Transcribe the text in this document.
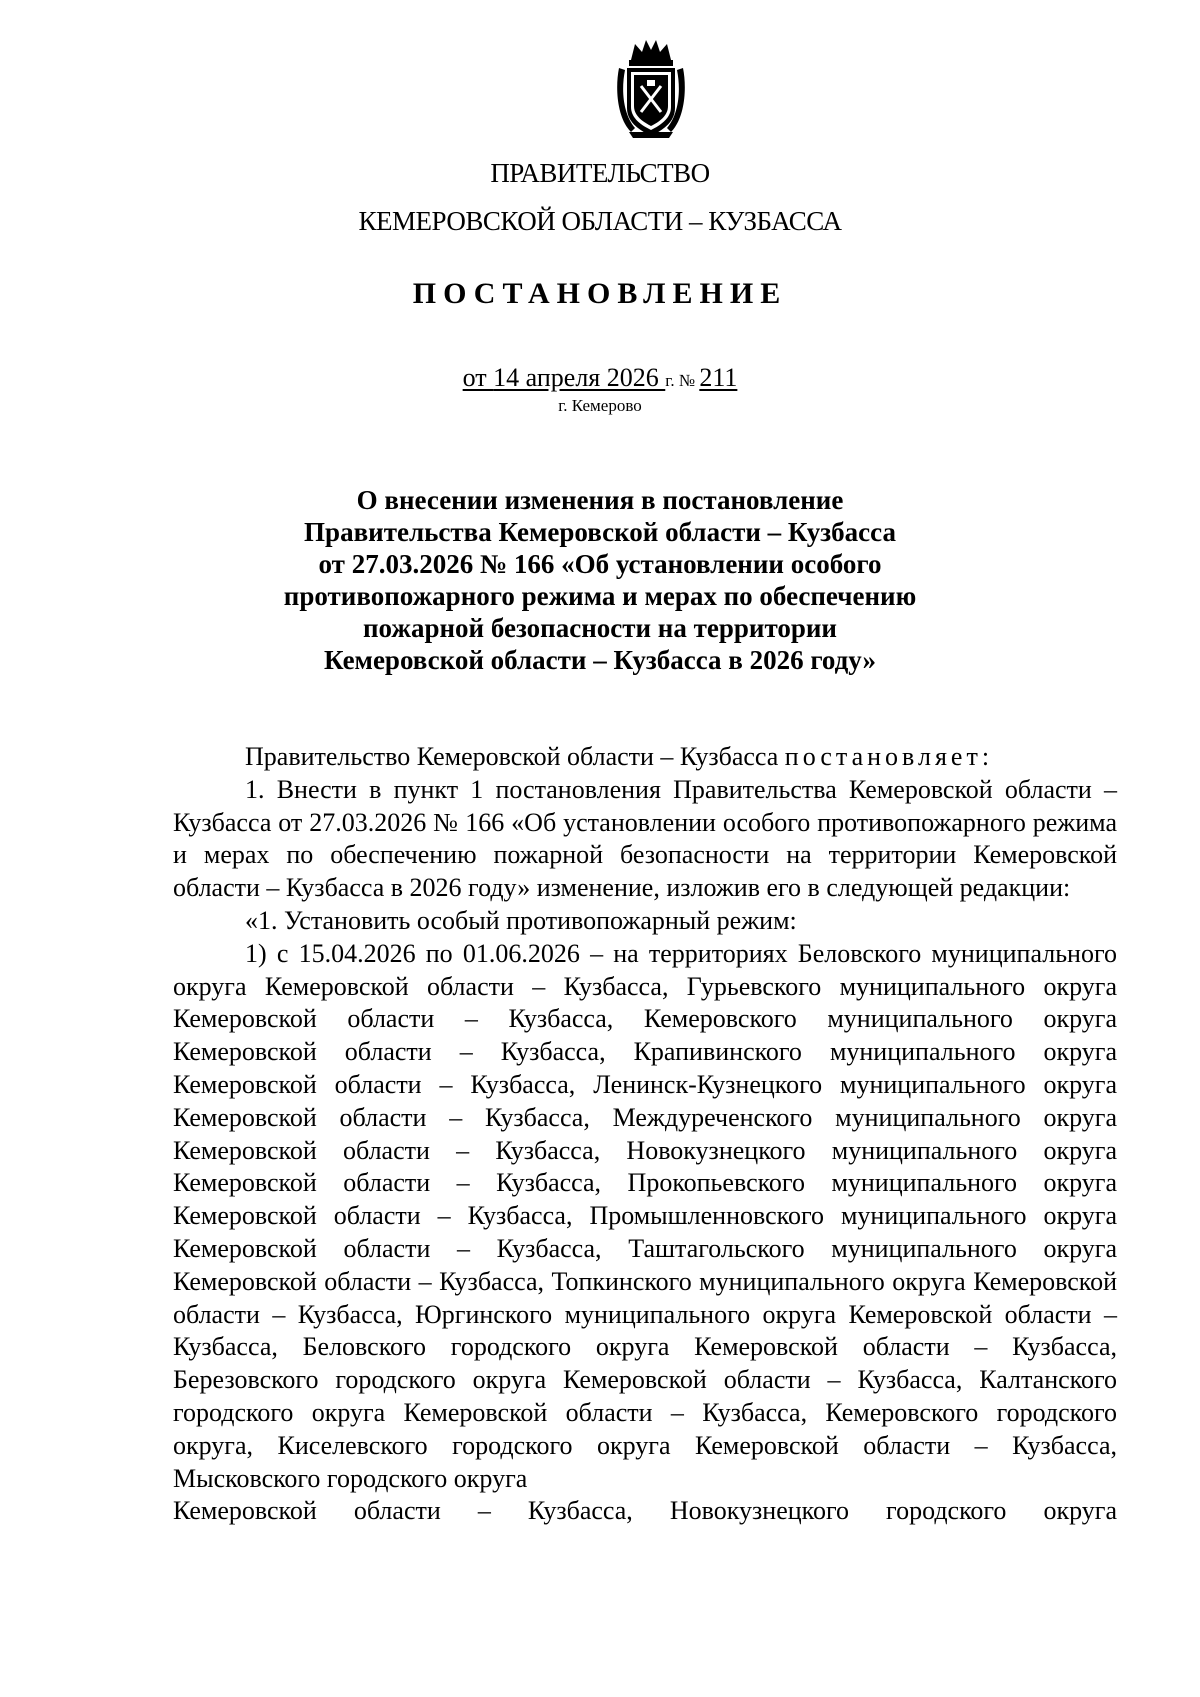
ПРАВИТЕЛЬСТВО
КЕМЕРОВСКОЙ ОБЛАСТИ – КУЗБАССА
ПОСТАНОВЛЕНИЕ
от 14 апреля 2026 г. № 211
г. Кемерово
О внесении изменения в постановление
Правительства Кемеровской области – Кузбасса
от 27.03.2026 № 166 «Об установлении особого
противопожарного режима и мерах по обеспечению
пожарной безопасности на территории
Кемеровской области – Кузбасса в 2026 году»
Правительство Кемеровской области – Кузбасса постановляет:
1. Внести в пункт 1 постановления Правительства Кемеровской области – Кузбасса от 27.03.2026 № 166 «Об установлении особого противопожарного режима и мерах по обеспечению пожарной безопасности на территории Кемеровской области – Кузбасса в 2026 году» изменение, изложив его в следующей редакции:
«1. Установить особый противопожарный режим:
1) с 15.04.2026 по 01.06.2026 – на территориях Беловского муниципального округа Кемеровской области – Кузбасса, Гурьевского муниципального округа Кемеровской области – Кузбасса, Кемеровского муниципального округа Кемеровской области – Кузбасса, Крапивинского муниципального округа Кемеровской области – Кузбасса, Ленинск-Кузнецкого муниципального округа Кемеровской области – Кузбасса, Междуреченского муниципального округа Кемеровской области – Кузбасса, Новокузнецкого муниципального округа Кемеровской области – Кузбасса, Прокопьевского муниципального округа Кемеровской области – Кузбасса, Промышленновского муниципального округа Кемеровской области – Кузбасса, Таштагольского муниципального округа Кемеровской области – Кузбасса, Топкинского муниципального округа Кемеровской области – Кузбасса, Юргинского муниципального округа Кемеровской области – Кузбасса, Беловского городского округа Кемеровской области – Кузбасса, Березовского городского округа Кемеровской области – Кузбасса, Калтанского городского округа Кемеровской области – Кузбасса, Кемеровского городского округа, Киселевского городского округа Кемеровской области – Кузбасса, Мысковского городского округа
Кемеровской области – Кузбасса, Новокузнецкого городского округа
